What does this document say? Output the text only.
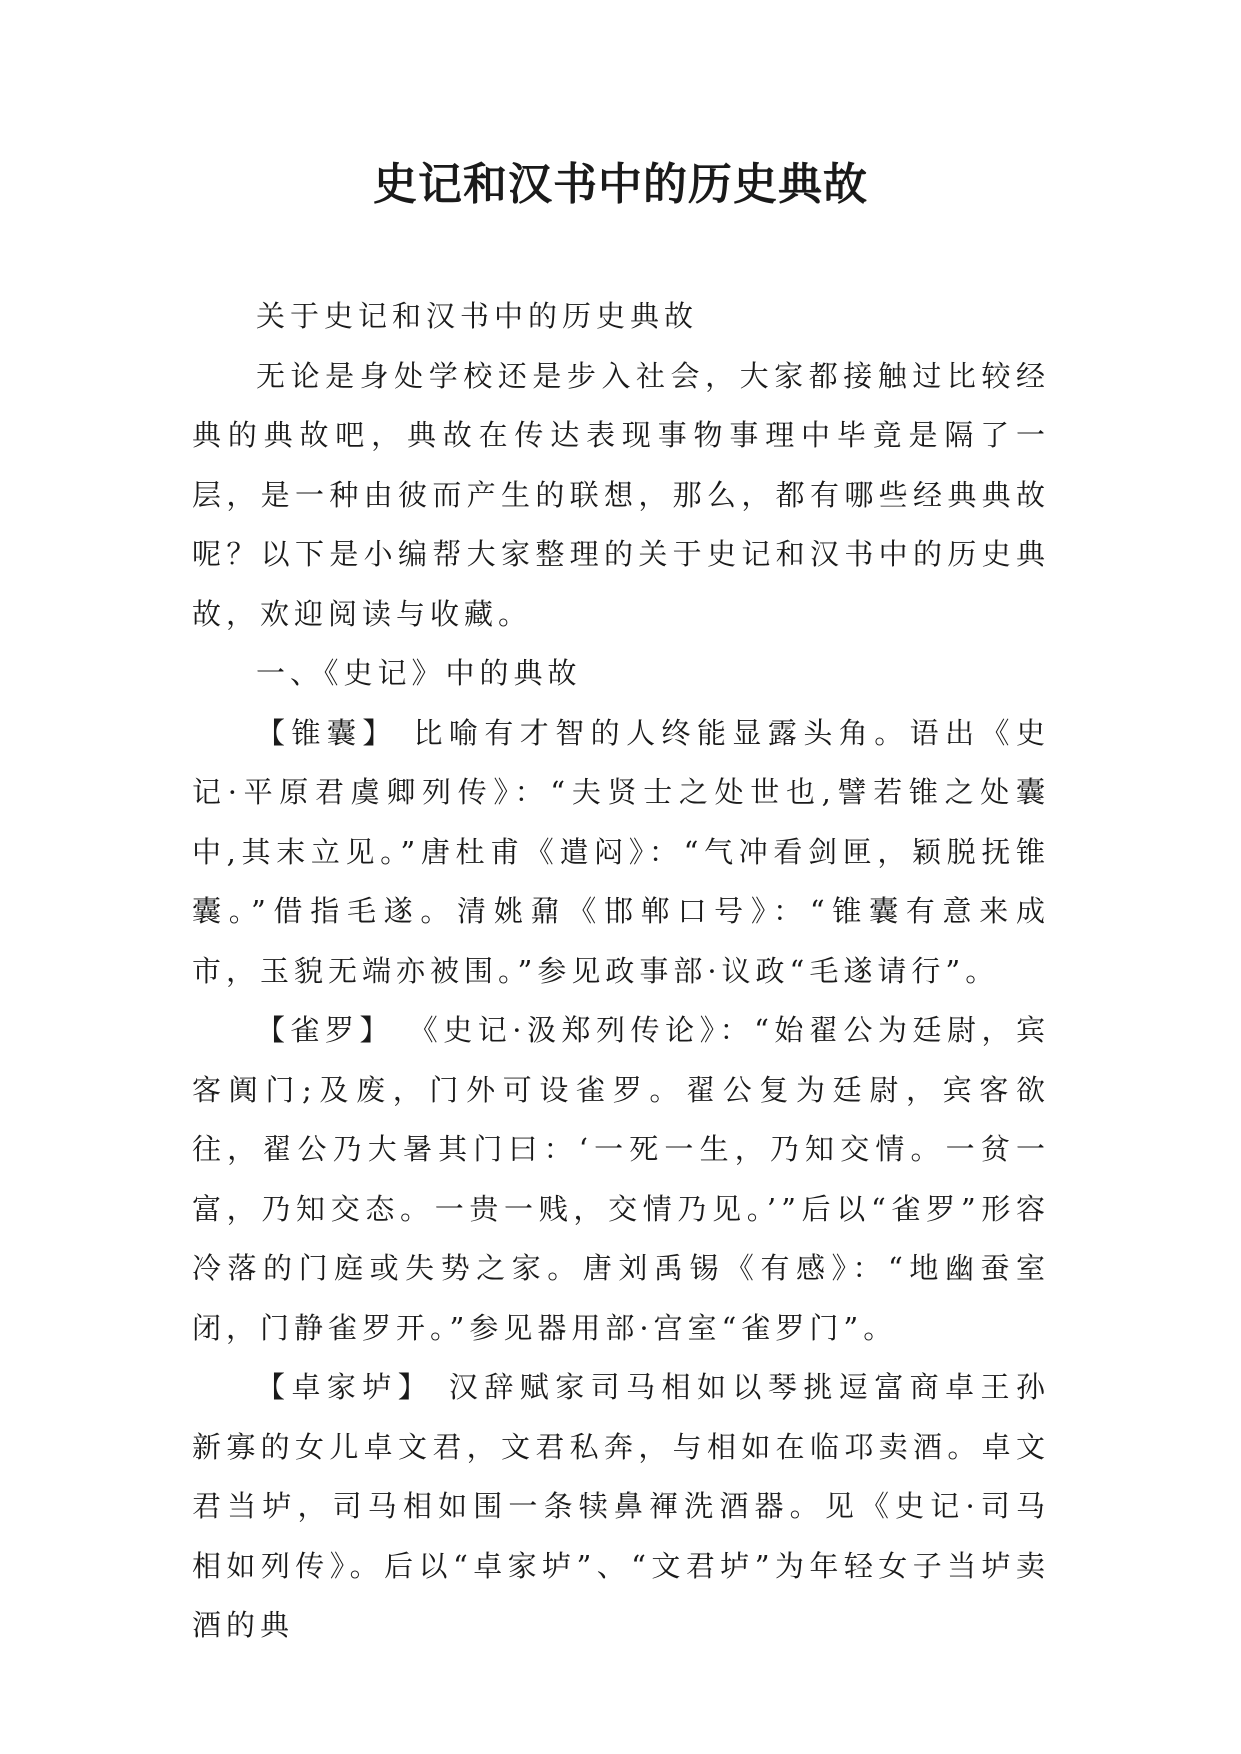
史记和汉书中的历史典故

关于史记和汉书中的历史典故

无论是身处学校还是步入社会，大家都接触过比较经典的典故吧，典故在传达表现事物事理中毕竟是隔了一层，是一种由彼而产生的联想，那么，都有哪些经典典故呢？以下是小编帮大家整理的关于史记和汉书中的历史典故，欢迎阅读与收藏。

一、《史记》中的典故

【锥囊】 比喻有才智的人终能显露头角。语出《史记·平原君虞卿列传》：“夫贤士之处世也,譬若锥之处囊中,其末立见。”唐杜甫《遣闷》：“气冲看剑匣，颖脱抚锥囊。”借指毛遂。清姚鼐《邯郸口号》：“锥囊有意来成市，玉貌无端亦被围。”参见政事部·议政“毛遂请行”。

【雀罗】 《史记·汲郑列传论》：“始翟公为廷尉，宾客阗门;及废，门外可设雀罗。翟公复为廷尉，宾客欲往，翟公乃大暑其门曰：‘一死一生，乃知交情。一贫一富，乃知交态。一贵一贱，交情乃见。’”后以“雀罗”形容冷落的门庭或失势之家。唐刘禹锡《有感》：“地幽蚕室闭，门静雀罗开。”参见器用部·宫室“雀罗门”。

【卓家垆】 汉辞赋家司马相如以琴挑逗富商卓王孙新寡的女儿卓文君，文君私奔，与相如在临邛卖酒。卓文君当垆，司马相如围一条犊鼻褌洗酒器。见《史记·司马相如列传》。后以“卓家垆”、“文君垆”为年轻女子当垆卖酒的典
